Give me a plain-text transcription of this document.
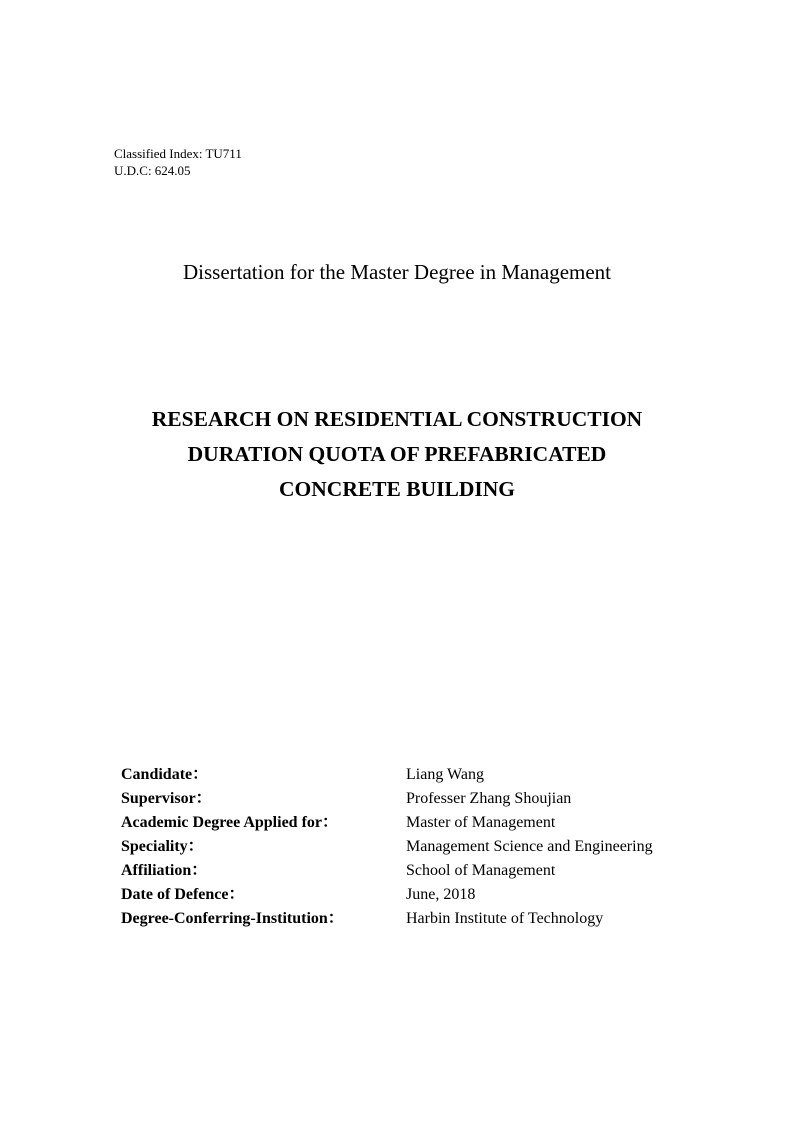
Classified Index: TU711
U.D.C: 624.05
Dissertation for the Master Degree in Management
RESEARCH ON RESIDENTIAL CONSTRUCTION
DURATION QUOTA OF PREFABRICATED
CONCRETE BUILDING
Candidate：	Liang Wang
Supervisor：	Professer Zhang Shoujian
Academic Degree Applied for：	Master of Management
Speciality：	Management Science and Engineering
Affiliation：	School of Management
Date of Defence：	June, 2018
Degree-Conferring-Institution：	Harbin Institute of Technology
